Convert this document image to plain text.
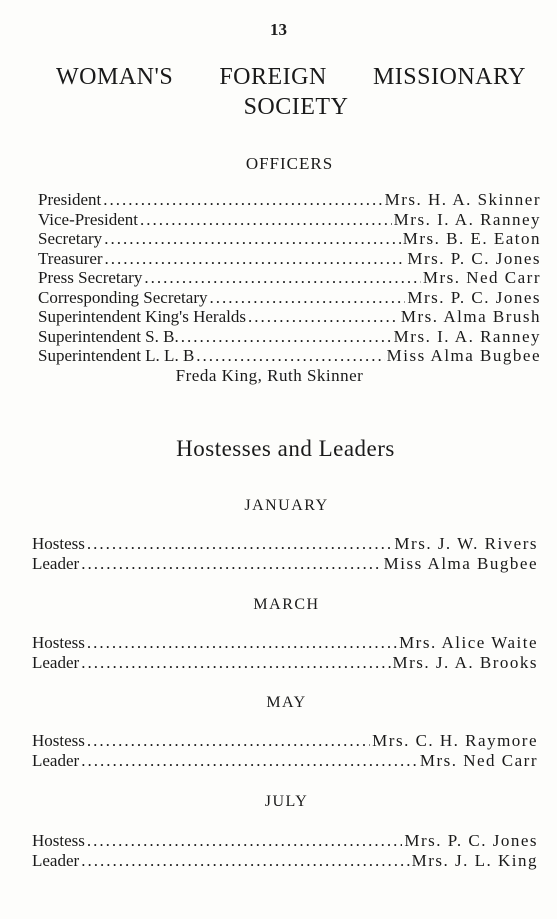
13
WOMAN'S FOREIGN MISSIONARY
SOCIETY
OFFICERS
President .....	Mrs. H. A. Skinner
Vice-President .....	Mrs. I. A. Ranney
Secretary .....	Mrs. B. E. Eaton
Treasurer .....	Mrs. P. C. Jones
Press Secretary .....	Mrs. Ned Carr
Corresponding Secretary .....	Mrs. P. C. Jones
Superintendent King's Heralds .....	Mrs. Alma Brush
Superintendent S. B. .....	Mrs. I. A. Ranney
Superintendent L. L. B .....	Miss Alma Bugbee
Freda King, Ruth Skinner
Hostesses and Leaders
JANUARY
Hostess .....	Mrs. J. W. Rivers
Leader .....	Miss Alma Bugbee
MARCH
Hostess .....	Mrs. Alice Waite
Leader .....	Mrs. J. A. Brooks
MAY
Hostess .....	Mrs. C. H. Raymore
Leader .....	Mrs. Ned Carr
JULY
Hostess .....	Mrs. P. C. Jones
Leader .....	Mrs. J. L. King
